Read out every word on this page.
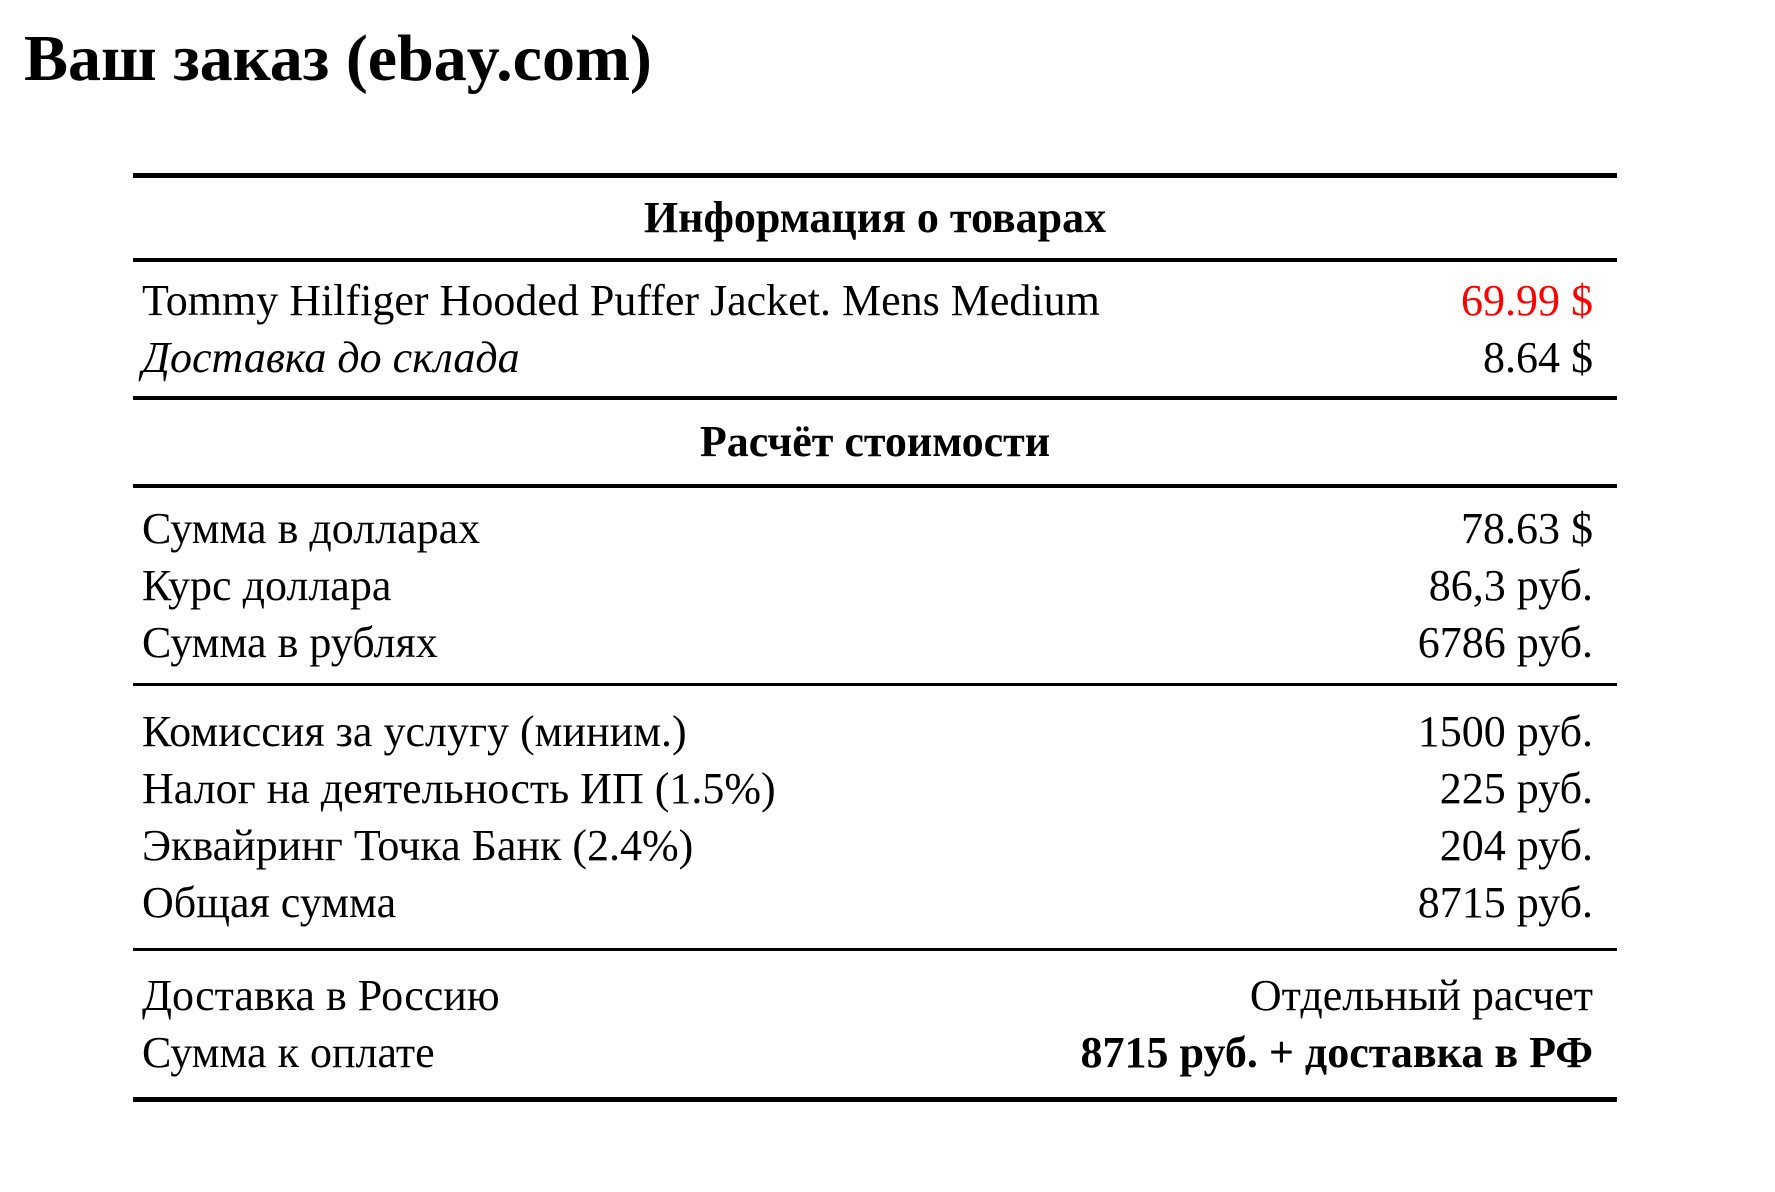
Ваш заказ (ebay.com)
Информация о товарах
Tommy Hilfiger Hooded Puffer Jacket. Mens Medium	69.99 $
Доставка до склада	8.64 $
Расчёт стоимости
Сумма в долларах	78.63 $
Курс доллара	86,3 руб.
Сумма в рублях	6786 руб.
Комиссия за услугу (миним.)	1500 руб.
Налог на деятельность ИП (1.5%)	225 руб.
Эквайринг Точка Банк (2.4%)	204 руб.
Общая сумма	8715 руб.
Доставка в Россию	Отдельный расчет
Сумма к оплате	8715 руб. + доставка в РФ
